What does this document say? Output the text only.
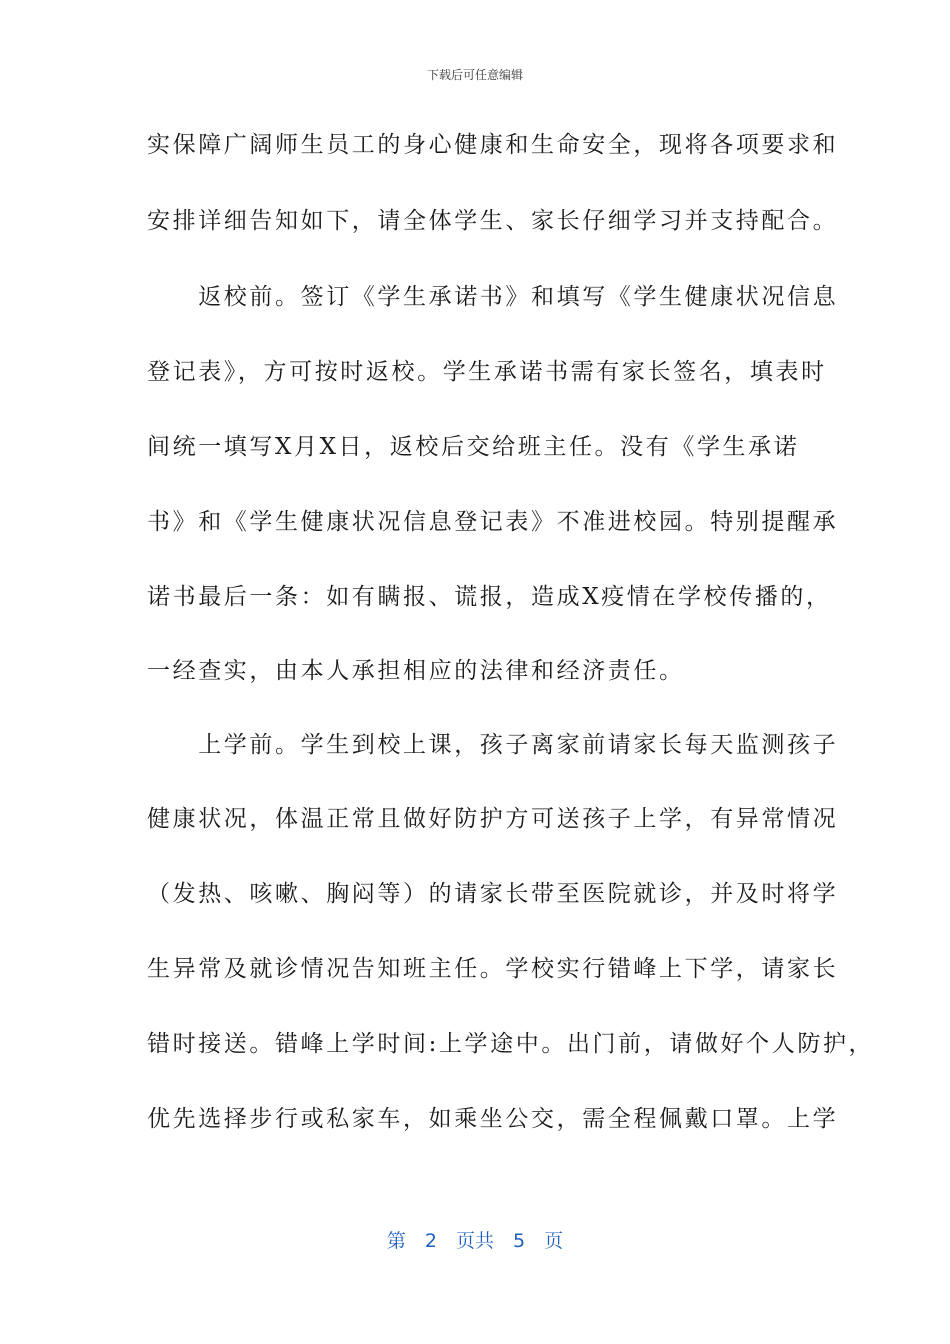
下载后可任意编辑
实保障广阔师生员工的身心健康和生命安全，现将各项要求和
安排详细告知如下，请全体学生、家长仔细学习并支持配合。
　　返校前。签订《学生承诺书》和填写《学生健康状况信息
登记表》，方可按时返校。学生承诺书需有家长签名，填表时
间统一填写X月X日，返校后交给班主任。没有《学生承诺
书》和《学生健康状况信息登记表》不准进校园。特别提醒承
诺书最后一条：如有瞒报、谎报，造成X疫情在学校传播的，
一经查实，由本人承担相应的法律和经济责任。
　　上学前。学生到校上课，孩子离家前请家长每天监测孩子
健康状况，体温正常且做好防护方可送孩子上学，有异常情况
（发热、咳嗽、胸闷等）的请家长带至医院就诊，并及时将学
生异常及就诊情况告知班主任。学校实行错峰上下学，请家长
错时接送。错峰上学时间:上学途中。出门前，请做好个人防护，
优先选择步行或私家车，如乘坐公交，需全程佩戴口罩。上学
第　2　页共　5　页
